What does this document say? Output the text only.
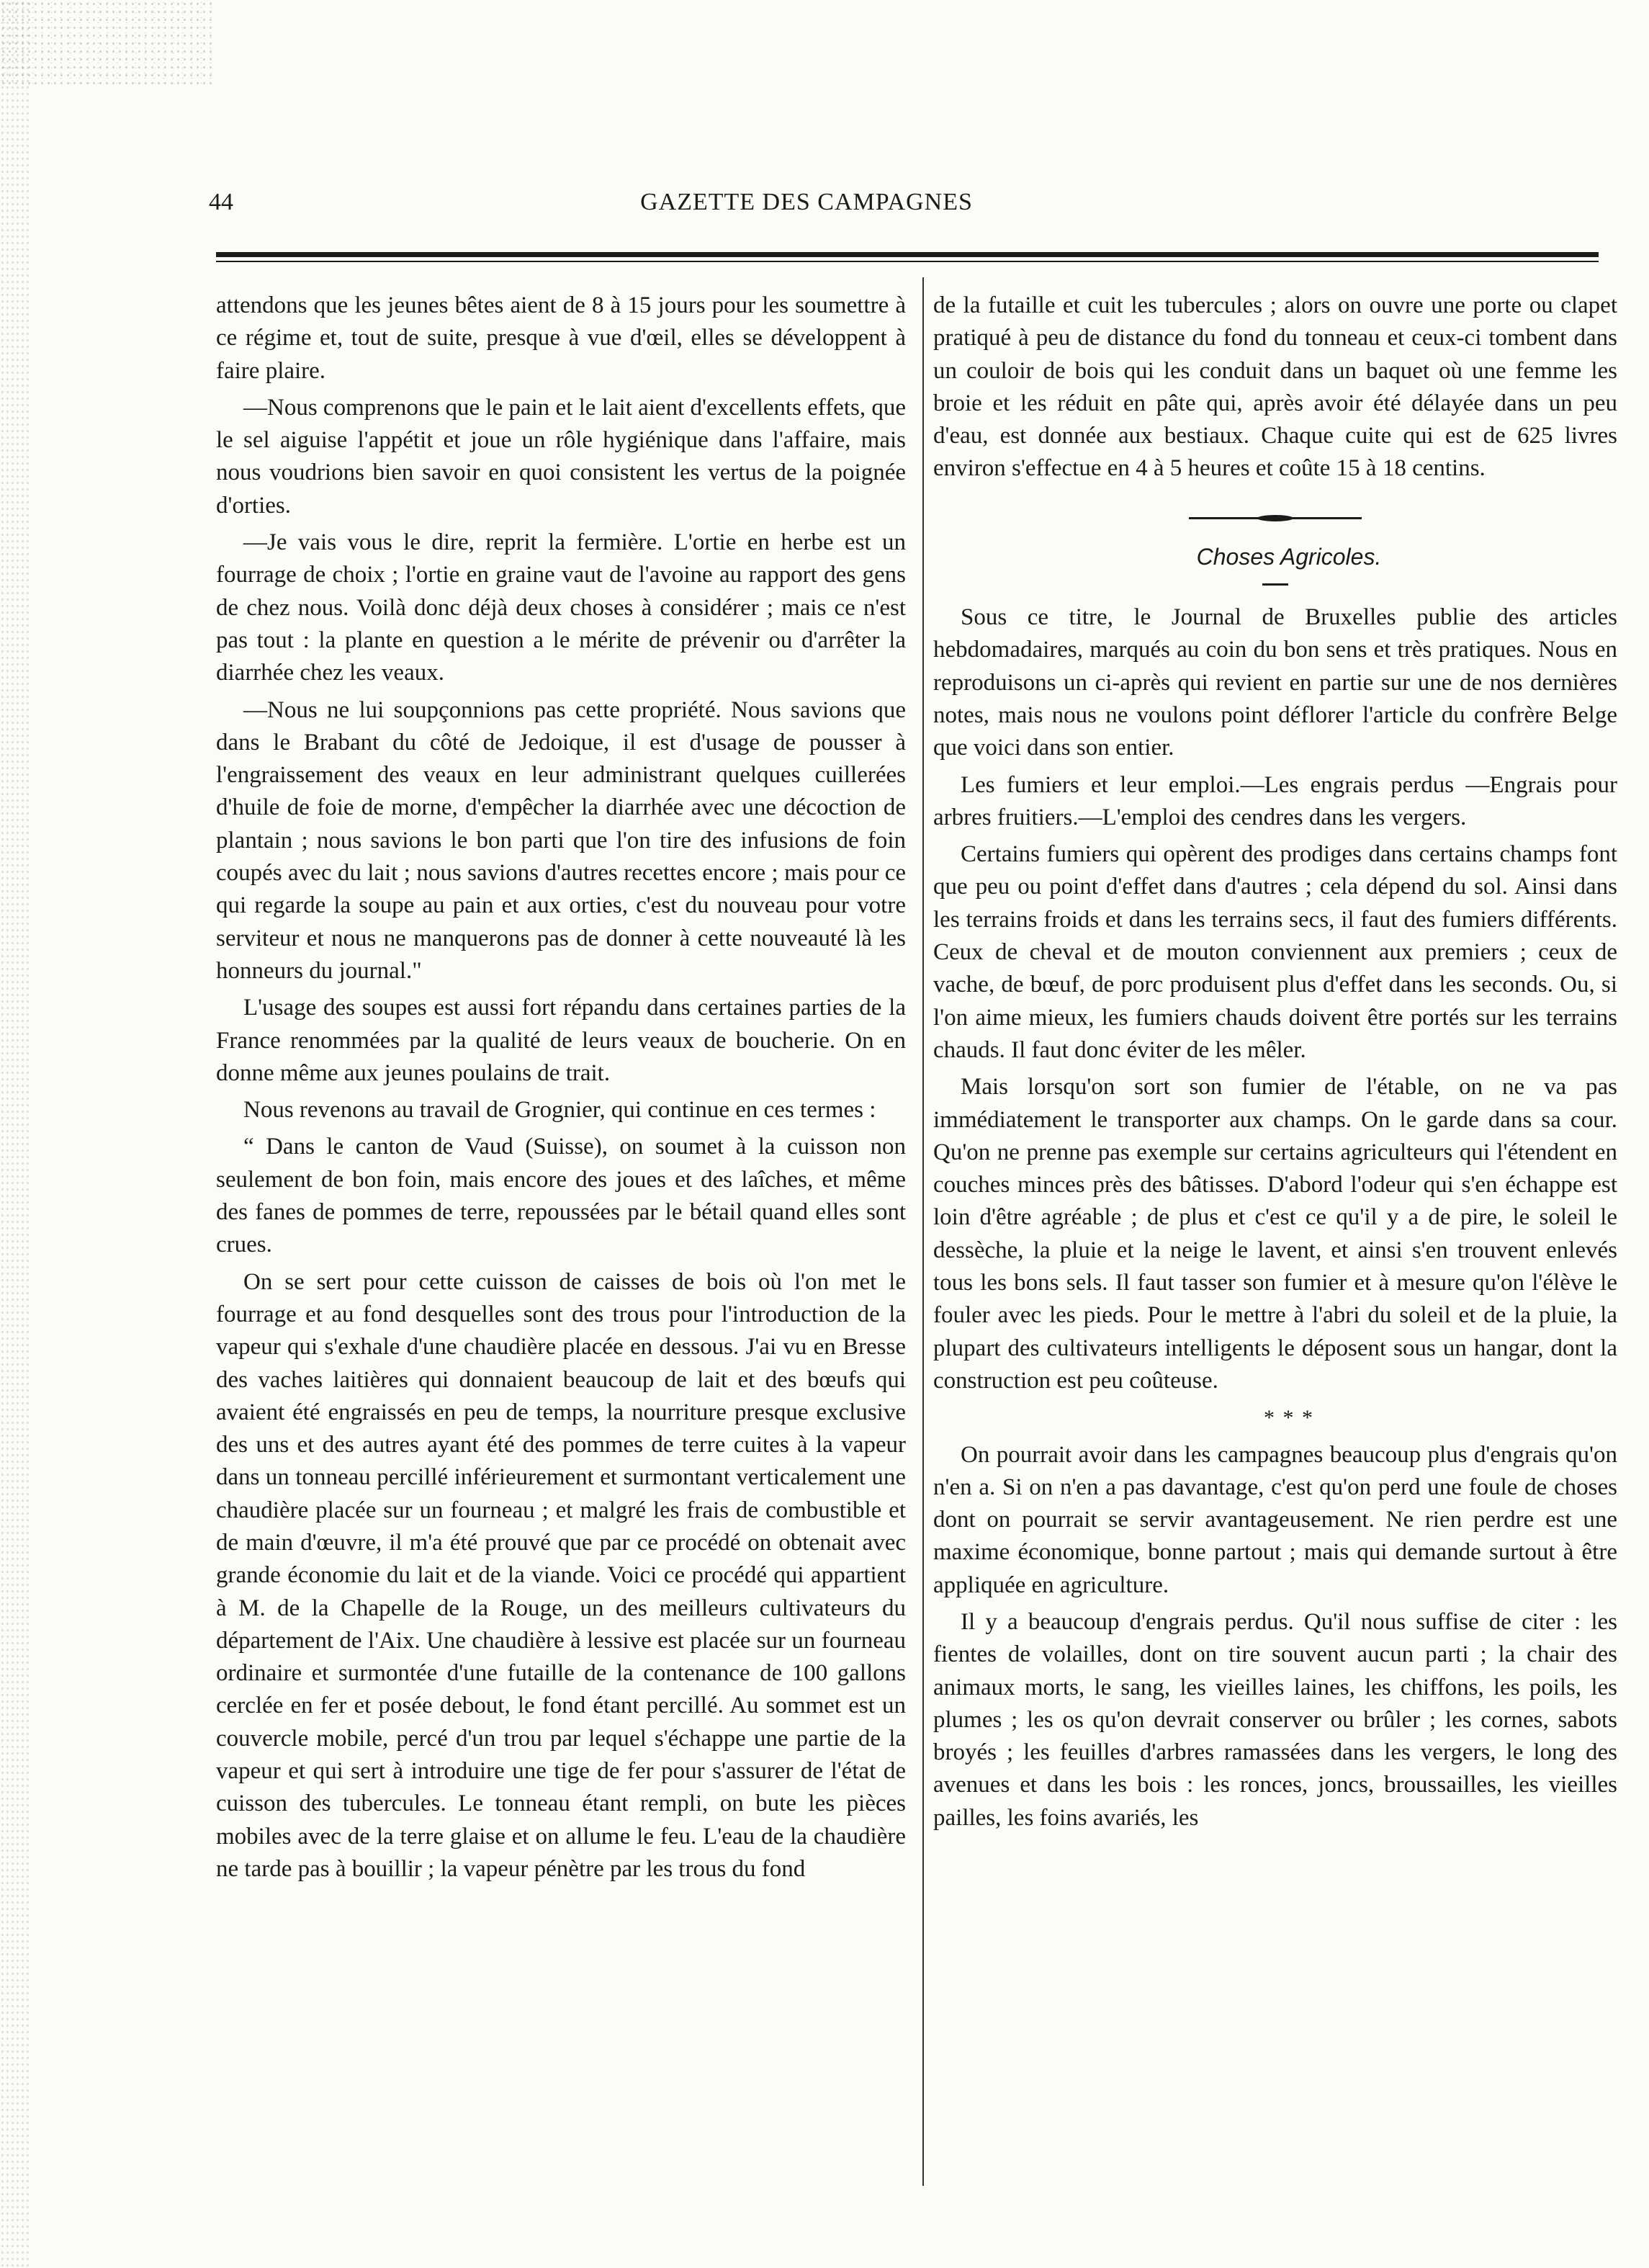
44	GAZETTE DES CAMPAGNES

attendons que les jeunes bêtes aient de 8 à 15 jours pour les soumettre à ce régime et, tout de suite, presque à vue d'œil, elles se développent à faire plaire.

—Nous comprenons que le pain et le lait aient d'excellents effets, que le sel aiguise l'appétit et joue un rôle hygiénique dans l'affaire, mais nous voudrions bien savoir en quoi consistent les vertus de la poignée d'orties.

—Je vais vous le dire, reprit la fermière. L'ortie en herbe est un fourrage de choix ; l'ortie en graine vaut de l'avoine au rapport des gens de chez nous. Voilà donc déjà deux choses à considérer ; mais ce n'est pas tout : la plante en question a le mérite de prévenir ou d'arrêter la diarrhée chez les veaux.

—Nous ne lui soupçonnions pas cette propriété. Nous savions que dans le Brabant du côté de Jedoique, il est d'usage de pousser à l'engraissement des veaux en leur administrant quelques cuillerées d'huile de foie de morne, d'empêcher la diarrhée avec une décoction de plantain ; nous savions le bon parti que l'on tire des infusions de foin coupés avec du lait ; nous savions d'autres recettes encore ; mais pour ce qui regarde la soupe au pain et aux orties, c'est du nouveau pour votre serviteur et nous ne manquerons pas de donner à cette nouveauté là les honneurs du journal."

L'usage des soupes est aussi fort répandu dans certaines parties de la France renommées par la qualité de leurs veaux de boucherie. On en donne même aux jeunes poulains de trait.

Nous revenons au travail de Grognier, qui continue en ces termes :

“ Dans le canton de Vaud (Suisse), on soumet à la cuisson non seulement de bon foin, mais encore des joues et des laîches, et même des fanes de pommes de terre, repoussées par le bétail quand elles sont crues.

On se sert pour cette cuisson de caisses de bois où l'on met le fourrage et au fond desquelles sont des trous pour l'introduction de la vapeur qui s'exhale d'une chaudière placée en dessous. J'ai vu en Bresse des vaches laitières qui donnaient beaucoup de lait et des bœufs qui avaient été engraissés en peu de temps, la nourriture presque exclusive des uns et des autres ayant été des pommes de terre cuites à la vapeur dans un tonneau percillé inférieurement et surmontant verticalement une chaudière placée sur un fourneau ; et malgré les frais de combustible et de main d'œuvre, il m'a été prouvé que par ce procédé on obtenait avec grande économie du lait et de la viande. Voici ce procédé qui appartient à M. de la Chapelle de la Rouge, un des meilleurs cultivateurs du département de l'Aix. Une chaudière à lessive est placée sur un fourneau ordinaire et surmontée d'une futaille de la contenance de 100 gallons cerclée en fer et posée debout, le fond étant percillé. Au sommet est un couvercle mobile, percé d'un trou par lequel s'échappe une partie de la vapeur et qui sert à introduire une tige de fer pour s'assurer de l'état de cuisson des tubercules. Le tonneau étant rempli, on bute les pièces mobiles avec de la terre glaise et on allume le feu. L'eau de la chaudière ne tarde pas à bouillir ; la vapeur pénètre par les trous du fond

de la futaille et cuit les tubercules ; alors on ouvre une porte ou clapet pratiqué à peu de distance du fond du tonneau et ceux-ci tombent dans un couloir de bois qui les conduit dans un baquet où une femme les broie et les réduit en pâte qui, après avoir été délayée dans un peu d'eau, est donnée aux bestiaux. Chaque cuite qui est de 625 livres environ s'effectue en 4 à 5 heures et coûte 15 à 18 centins.

Choses Agricoles.

Sous ce titre, le Journal de Bruxelles publie des articles hebdomadaires, marqués au coin du bon sens et très pratiques. Nous en reproduisons un ci-après qui revient en partie sur une de nos dernières notes, mais nous ne voulons point déflorer l'article du confrère Belge que voici dans son entier.

Les fumiers et leur emploi.—Les engrais perdus —Engrais pour arbres fruitiers.—L'emploi des cendres dans les vergers.

Certains fumiers qui opèrent des prodiges dans certains champs font que peu ou point d'effet dans d'autres ; cela dépend du sol. Ainsi dans les terrains froids et dans les terrains secs, il faut des fumiers différents. Ceux de cheval et de mouton conviennent aux premiers ; ceux de vache, de bœuf, de porc produisent plus d'effet dans les seconds. Ou, si l'on aime mieux, les fumiers chauds doivent être portés sur les terrains chauds. Il faut donc éviter de les mêler.

Mais lorsqu'on sort son fumier de l'étable, on ne va pas immédiatement le transporter aux champs. On le garde dans sa cour. Qu'on ne prenne pas exemple sur certains agriculteurs qui l'étendent en couches minces près des bâtisses. D'abord l'odeur qui s'en échappe est loin d'être agréable ; de plus et c'est ce qu'il y a de pire, le soleil le dessèche, la pluie et la neige le lavent, et ainsi s'en trouvent enlevés tous les bons sels. Il faut tasser son fumier et à mesure qu'on l'élève le fouler avec les pieds. Pour le mettre à l'abri du soleil et de la pluie, la plupart des cultivateurs intelligents le déposent sous un hangar, dont la construction est peu coûteuse.

* * *

On pourrait avoir dans les campagnes beaucoup plus d'engrais qu'on n'en a. Si on n'en a pas davantage, c'est qu'on perd une foule de choses dont on pourrait se servir avantageusement. Ne rien perdre est une maxime économique, bonne partout ; mais qui demande surtout à être appliquée en agriculture.

Il y a beaucoup d'engrais perdus. Qu'il nous suffise de citer : les fientes de volailles, dont on tire souvent aucun parti ; la chair des animaux morts, le sang, les vieilles laines, les chiffons, les poils, les plumes ; les os qu'on devrait conserver ou brûler ; les cornes, sabots broyés ; les feuilles d'arbres ramassées dans les vergers, le long des avenues et dans les bois : les ronces, joncs, broussailles, les vieilles pailles, les foins avariés, les
